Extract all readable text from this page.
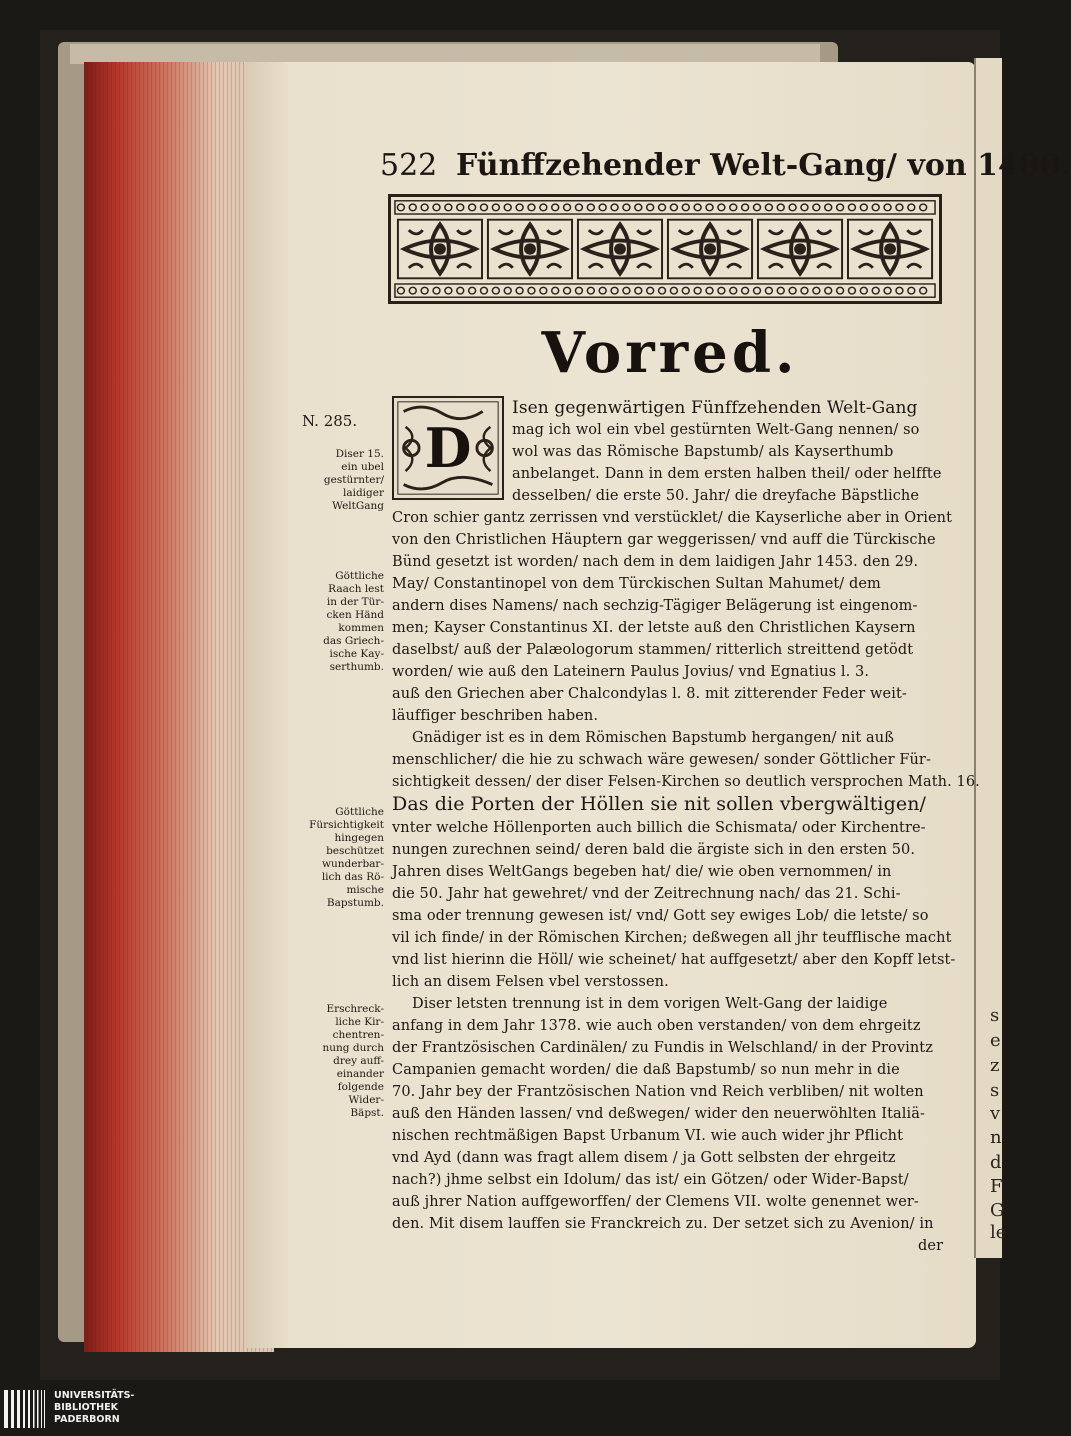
s
e
z
s
v
n
d
F
G
le
522 Fünffzehender Welt-Gang/ von 1400.
Vorred.
D
N. 285.
Diser 15.
ein ubel
gestürnter/
laidiger
WeltGang
Göttliche
Raach lest
in der Tür-
cken Händ
kommen
das Griech-
ische Kay-
serthumb.
Göttliche
Fürsichtigkeit
hingegen
beschützet
wunderbar-
lich das Rö-
mische
Bapstumb.
Erschreck-
liche Kir-
chentren-
nung durch
drey auff-
einander
folgende
Wider-
Bäpst.
Isen gegenwärtigen Fünffzehenden Welt-Gang
mag ich wol ein vbel gestürnten Welt-Gang nennen/ so
wol was das Römische Bapstumb/ als Kayserthumb
anbelanget. Dann in dem ersten halben theil/ oder helffte
desselben/ die erste 50. Jahr/ die dreyfache Bäpstliche
Cron schier gantz zerrissen vnd verstücklet/ die Kayserliche aber in Orient
von den Christlichen Häuptern gar weggerissen/ vnd auff die Türckische
Bünd gesetzt ist worden/ nach dem in dem laidigen Jahr 1453. den 29.
May/ Constantinopel von dem Türckischen Sultan Mahumet/ dem
andern dises Namens/ nach sechzig-Tägiger Belägerung ist eingenom-
men; Kayser Constantinus XI. der letste auß den Christlichen Kaysern
daselbst/ auß der Palæologorum stammen/ ritterlich streittend getödt
worden/ wie auß den Lateinern Paulus Jovius/ vnd Egnatius l. 3.
auß den Griechen aber Chalcondylas l. 8. mit zitterender Feder weit-
läuffiger beschriben haben.
Gnädiger ist es in dem Römischen Bapstumb hergangen/ nit auß
menschlicher/ die hie zu schwach wäre gewesen/ sonder Göttlicher Für-
sichtigkeit dessen/ der diser Felsen-Kirchen so deutlich versprochen Math. 16.
Das die Porten der Höllen sie nit sollen vbergwältigen/
vnter welche Höllenporten auch billich die Schismata/ oder Kirchentre-
nungen zurechnen seind/ deren bald die ärgiste sich in den ersten 50.
Jahren dises WeltGangs begeben hat/ die/ wie oben vernommen/ in
die 50. Jahr hat gewehret/ vnd der Zeitrechnung nach/ das 21. Schi-
sma oder trennung gewesen ist/ vnd/ Gott sey ewiges Lob/ die letste/ so
vil ich finde/ in der Römischen Kirchen; deßwegen all jhr teufflische macht
vnd list hierinn die Höll/ wie scheinet/ hat auffgesetzt/ aber den Kopff letst-
lich an disem Felsen vbel verstossen.
Diser letsten trennung ist in dem vorigen Welt-Gang der laidige
anfang in dem Jahr 1378. wie auch oben verstanden/ von dem ehrgeitz
der Frantzösischen Cardinälen/ zu Fundis in Welschland/ in der Provintz
Campanien gemacht worden/ die daß Bapstumb/ so nun mehr in die
70. Jahr bey der Frantzösischen Nation vnd Reich verbliben/ nit wolten
auß den Händen lassen/ vnd deßwegen/ wider den neuerwöhlten Italiä-
nischen rechtmäßigen Bapst Urbanum VI. wie auch wider jhr Pflicht
vnd Ayd (dann was fragt allem disem / ja Gott selbsten der ehrgeitz
nach?) jhme selbst ein Idolum/ das ist/ ein Götzen/ oder Wider-Bapst/
auß jhrer Nation auffgeworffen/ der Clemens VII. wolte genennet wer-
den. Mit disem lauffen sie Franckreich zu. Der setzet sich zu Avenion/ in
der
UNIVERSITÄTS-
BIBLIOTHEK
PADERBORN
